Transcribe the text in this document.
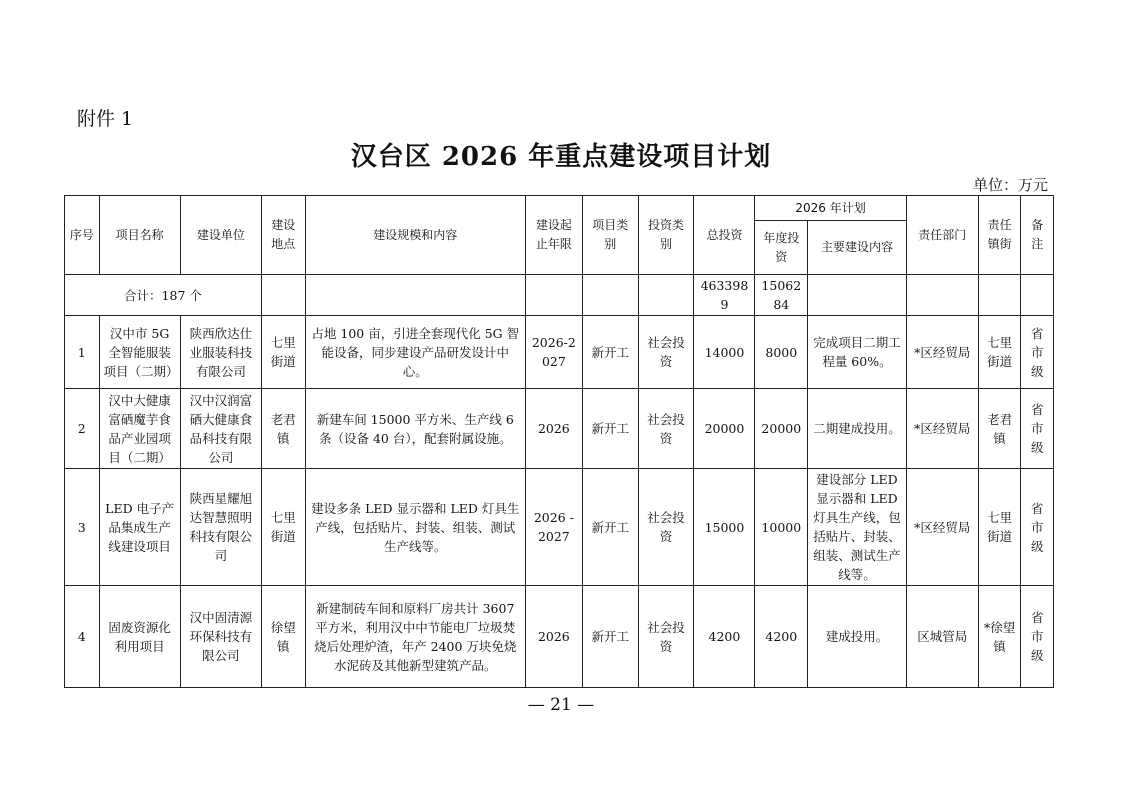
附件 1
汉台区 2026 年重点建设项目计划
单位：万元
序号	项目名称	建设单位	建设地点	建设规模和内容	建设起止年限	项目类别	投资类别	总投资	2026 年计划		责任部门	责任镇街	备注
									年度投资	主要建设内容			
合计：187 个								4633989	1506284				
1	汉中市 5G 全智能服装项目（二期）	陕西欣达仕业服装科技有限公司	七里街道	占地 100 亩，引进全套现代化 5G 智能设备，同步建设产品研发设计中心。	2026-2027	新开工	社会投资	14000	8000	完成项目二期工程量 60%。	*区经贸局	七里街道	省市级
2	汉中大健康富硒魔芋食品产业园项目（二期）	汉中汉润富硒大健康食品科技有限公司	老君镇	新建车间 15000 平方米、生产线 6 条（设备 40 台），配套附属设施。	2026	新开工	社会投资	20000	20000	二期建成投用。	*区经贸局	老君镇	省市级
3	LED 电子产品集成生产线建设项目	陕西星耀旭达智慧照明科技有限公司	七里街道	建设多条 LED 显示器和 LED 灯具生产线，包括贴片、封装、组装、测试生产线等。	2026 - 2027	新开工	社会投资	15000	10000	建设部分 LED 显示器和 LED 灯具生产线，包括贴片、封装、组装、测试生产线等。	*区经贸局	七里街道	省市级
4	固废资源化利用项目	汉中固清源环保科技有限公司	徐望镇	新建制砖车间和原料厂房共计 3607 平方米，利用汉中中节能电厂垃圾焚烧后处理炉渣，年产 2400 万块免烧水泥砖及其他新型建筑产品。	2026	新开工	社会投资	4200	4200	建成投用。	区城管局	*徐望镇	省市级
— 21 —
